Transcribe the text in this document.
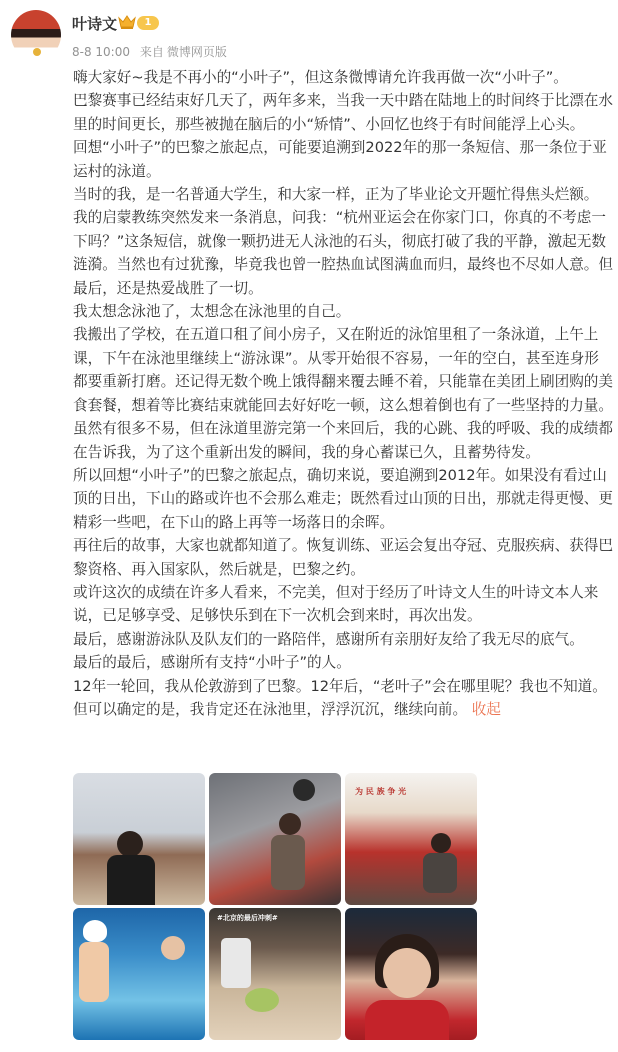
叶诗文	1
8-8 10:00 来自 微博网页版

嗨大家好~我是不再小的“小叶子”，但这条微博请允许我再做一次“小叶子”。

巴黎赛事已经结束好几天了，两年多来，当我一天中踏在陆地上的时间终于比漂在水里的时间更长，那些被抛在脑后的小“矫情”、小回忆也终于有时间能浮上心头。

回想“小叶子”的巴黎之旅起点，可能要追溯到2022年的那一条短信、那一条位于亚运村的泳道。

当时的我，是一名普通大学生，和大家一样，正为了毕业论文开题忙得焦头烂额。

我的启蒙教练突然发来一条消息，问我：“杭州亚运会在你家门口，你真的不考虑一下吗？”这条短信，就像一颗扔进无人泳池的石头，彻底打破了我的平静，激起无数涟漪。当然也有过犹豫，毕竟我也曾一腔热血试图满血而归，最终也不尽如人意。但最后，还是热爱战胜了一切。

我太想念泳池了，太想念在泳池里的自己。

我搬出了学校，在五道口租了间小房子，又在附近的泳馆里租了一条泳道，上午上课，下午在泳池里继续上“游泳课”。从零开始很不容易，一年的空白，甚至连身形都要重新打磨。还记得无数个晚上饿得翻来覆去睡不着，只能靠在美团上刷团购的美食套餐，想着等比赛结束就能回去好好吃一顿，这么想着倒也有了一些坚持的力量。

虽然有很多不易，但在泳道里游完第一个来回后，我的心跳、我的呼吸、我的成绩都在告诉我，为了这个重新出发的瞬间，我的身心蓄谋已久，且蓄势待发。

所以回想“小叶子”的巴黎之旅起点，确切来说，要追溯到2012年。如果没有看过山顶的日出，下山的路或许也不会那么难走；既然看过山顶的日出，那就走得更慢、更精彩一些吧，在下山的路上再等一场落日的余晖。

再往后的故事，大家也就都知道了。恢复训练、亚运会复出夺冠、克服疾病、获得巴黎资格、再入国家队，然后就是，巴黎之约。

或许这次的成绩在许多人看来，不完美，但对于经历了叶诗文人生的叶诗文本人来说，已足够享受、足够快乐到在下一次机会到来时，再次出发。

最后，感谢游泳队及队友们的一路陪伴，感谢所有亲朋好友给了我无尽的底气。

最后的最后，感谢所有支持“小叶子”的人。

12年一轮回，我从伦敦游到了巴黎。12年后，“老叶子”会在哪里呢？我也不知道。但可以确定的是，我肯定还在泳池里，浮浮沉沉，继续向前。 收起

为 民 族 争 光
#北京的最后冲刺#
